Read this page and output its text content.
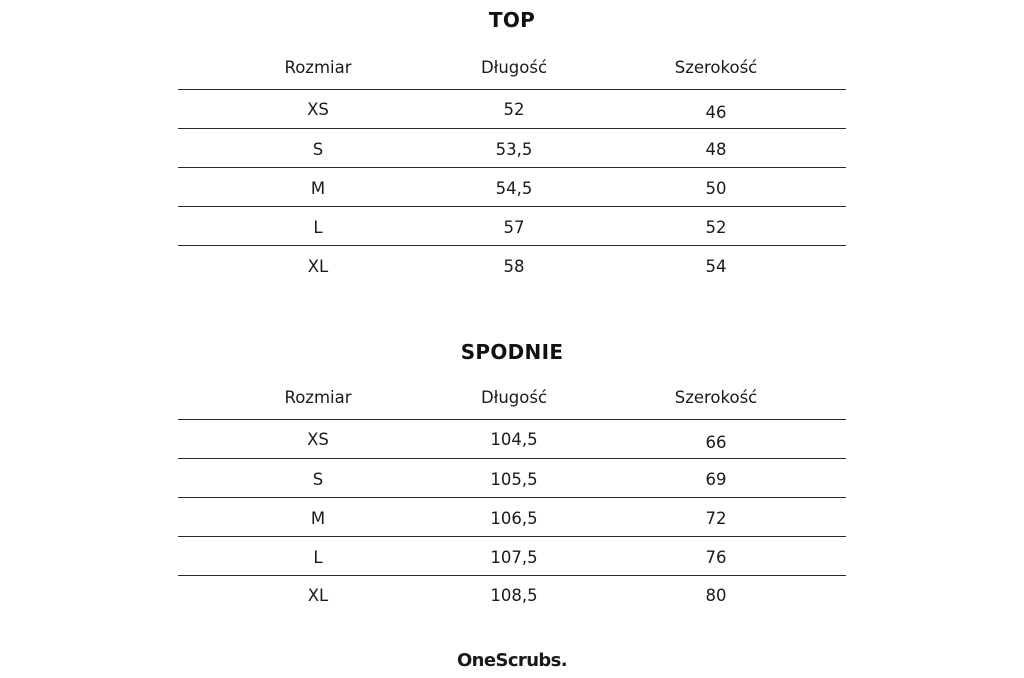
TOP
Rozmiar	Długość	Szerokość
XS	52	46
S	53,5	48
M	54,5	50
L	57	52
XL	58	54
SPODNIE
Rozmiar	Długość	Szerokość
XS	104,5	66
S	105,5	69
M	106,5	72
L	107,5	76
XL	108,5	80
OneScrubs.
